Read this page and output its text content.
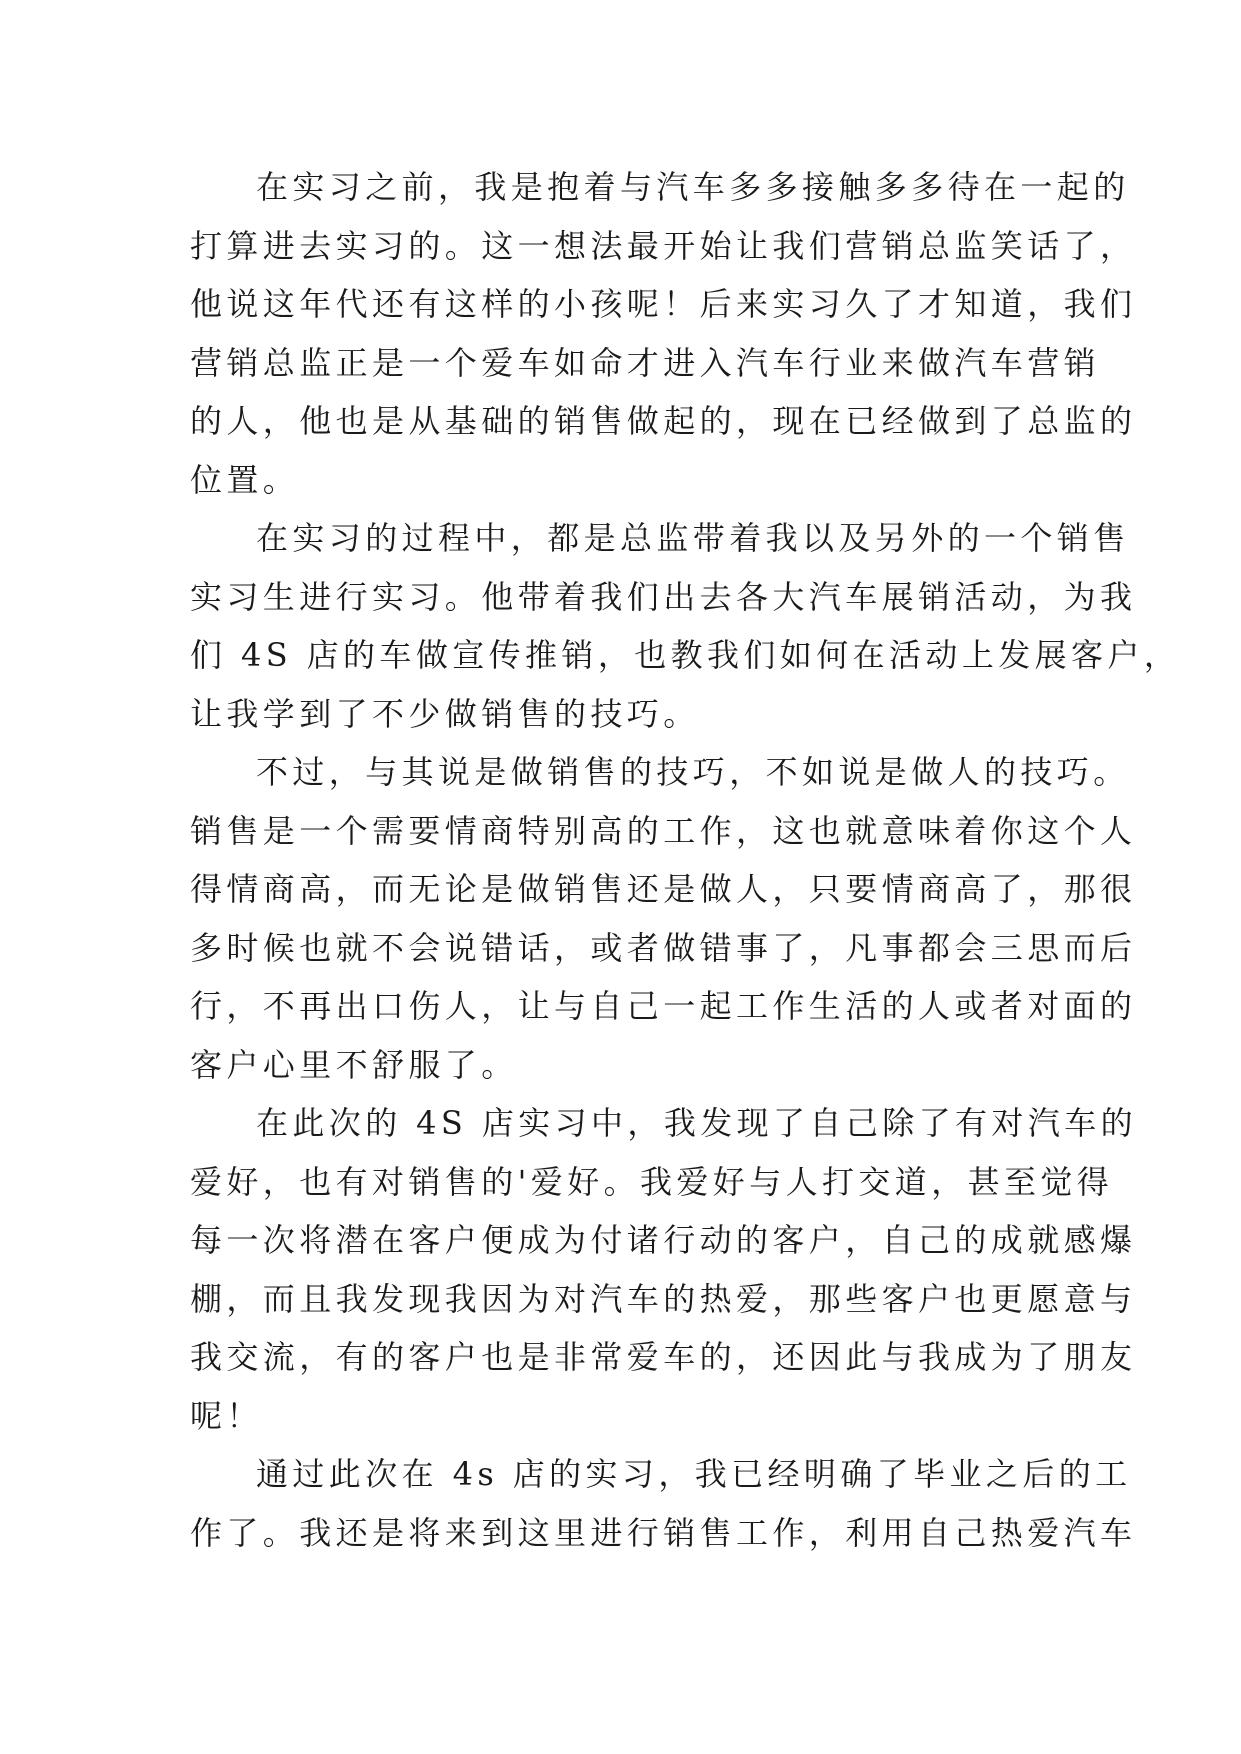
在实习之前，我是抱着与汽车多多接触多多待在一起的
打算进去实习的。这一想法最开始让我们营销总监笑话了，
他说这年代还有这样的小孩呢！后来实习久了才知道，我们
营销总监正是一个爱车如命才进入汽车行业来做汽车营销
的人，他也是从基础的销售做起的，现在已经做到了总监的
位置。
在实习的过程中，都是总监带着我以及另外的一个销售
实习生进行实习。他带着我们出去各大汽车展销活动，为我
们 4S 店的车做宣传推销，也教我们如何在活动上发展客户，
让我学到了不少做销售的技巧。
不过，与其说是做销售的技巧，不如说是做人的技巧。
销售是一个需要情商特别高的工作，这也就意味着你这个人
得情商高，而无论是做销售还是做人，只要情商高了，那很
多时候也就不会说错话，或者做错事了，凡事都会三思而后
行，不再出口伤人，让与自己一起工作生活的人或者对面的
客户心里不舒服了。
在此次的 4S 店实习中，我发现了自己除了有对汽车的
爱好，也有对销售的'爱好。我爱好与人打交道，甚至觉得
每一次将潜在客户便成为付诸行动的客户，自己的成就感爆
棚，而且我发现我因为对汽车的热爱，那些客户也更愿意与
我交流，有的客户也是非常爱车的，还因此与我成为了朋友
呢！
通过此次在 4s 店的实习，我已经明确了毕业之后的工
作了。我还是将来到这里进行销售工作，利用自己热爱汽车
